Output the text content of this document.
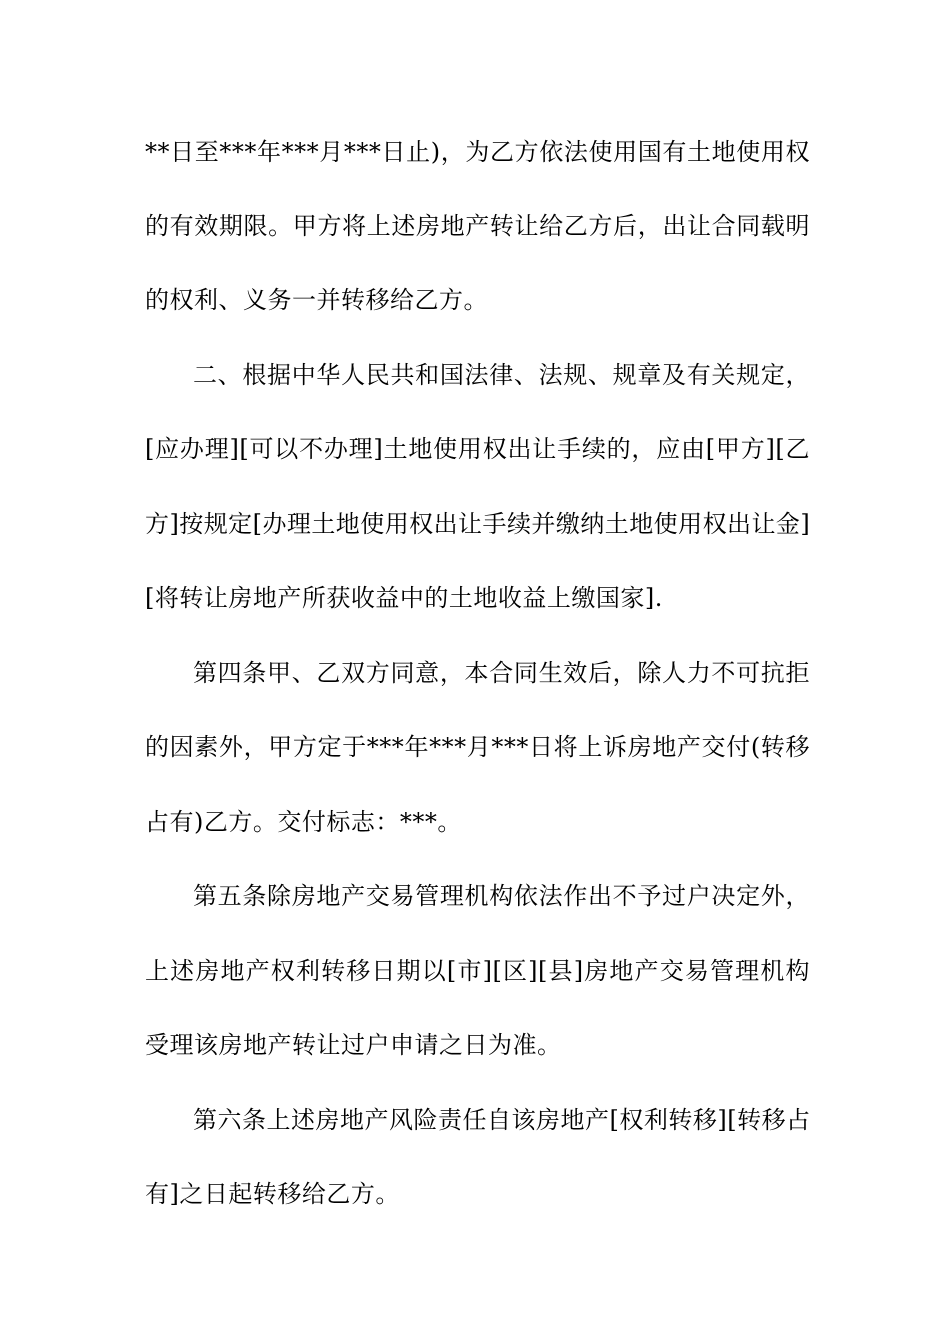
**日至***年***月***日止)，为乙方依法使用国有土地使用权
的有效期限。甲方将上述房地产转让给乙方后，出让合同载明
的权利、义务一并转移给乙方。
二、根据中华人民共和国法律、法规、规章及有关规定，
[应办理][可以不办理]土地使用权出让手续的，应由[甲方][乙
方]按规定[办理土地使用权出让手续并缴纳土地使用权出让金]
[将转让房地产所获收益中的土地收益上缴国家].
第四条甲、乙双方同意，本合同生效后，除人力不可抗拒
的因素外，甲方定于***年***月***日将上诉房地产交付(转移
占有)乙方。交付标志：***。
第五条除房地产交易管理机构依法作出不予过户决定外，
上述房地产权利转移日期以[市][区][县]房地产交易管理机构
受理该房地产转让过户申请之日为准。
第六条上述房地产风险责任自该房地产[权利转移][转移占
有]之日起转移给乙方。
